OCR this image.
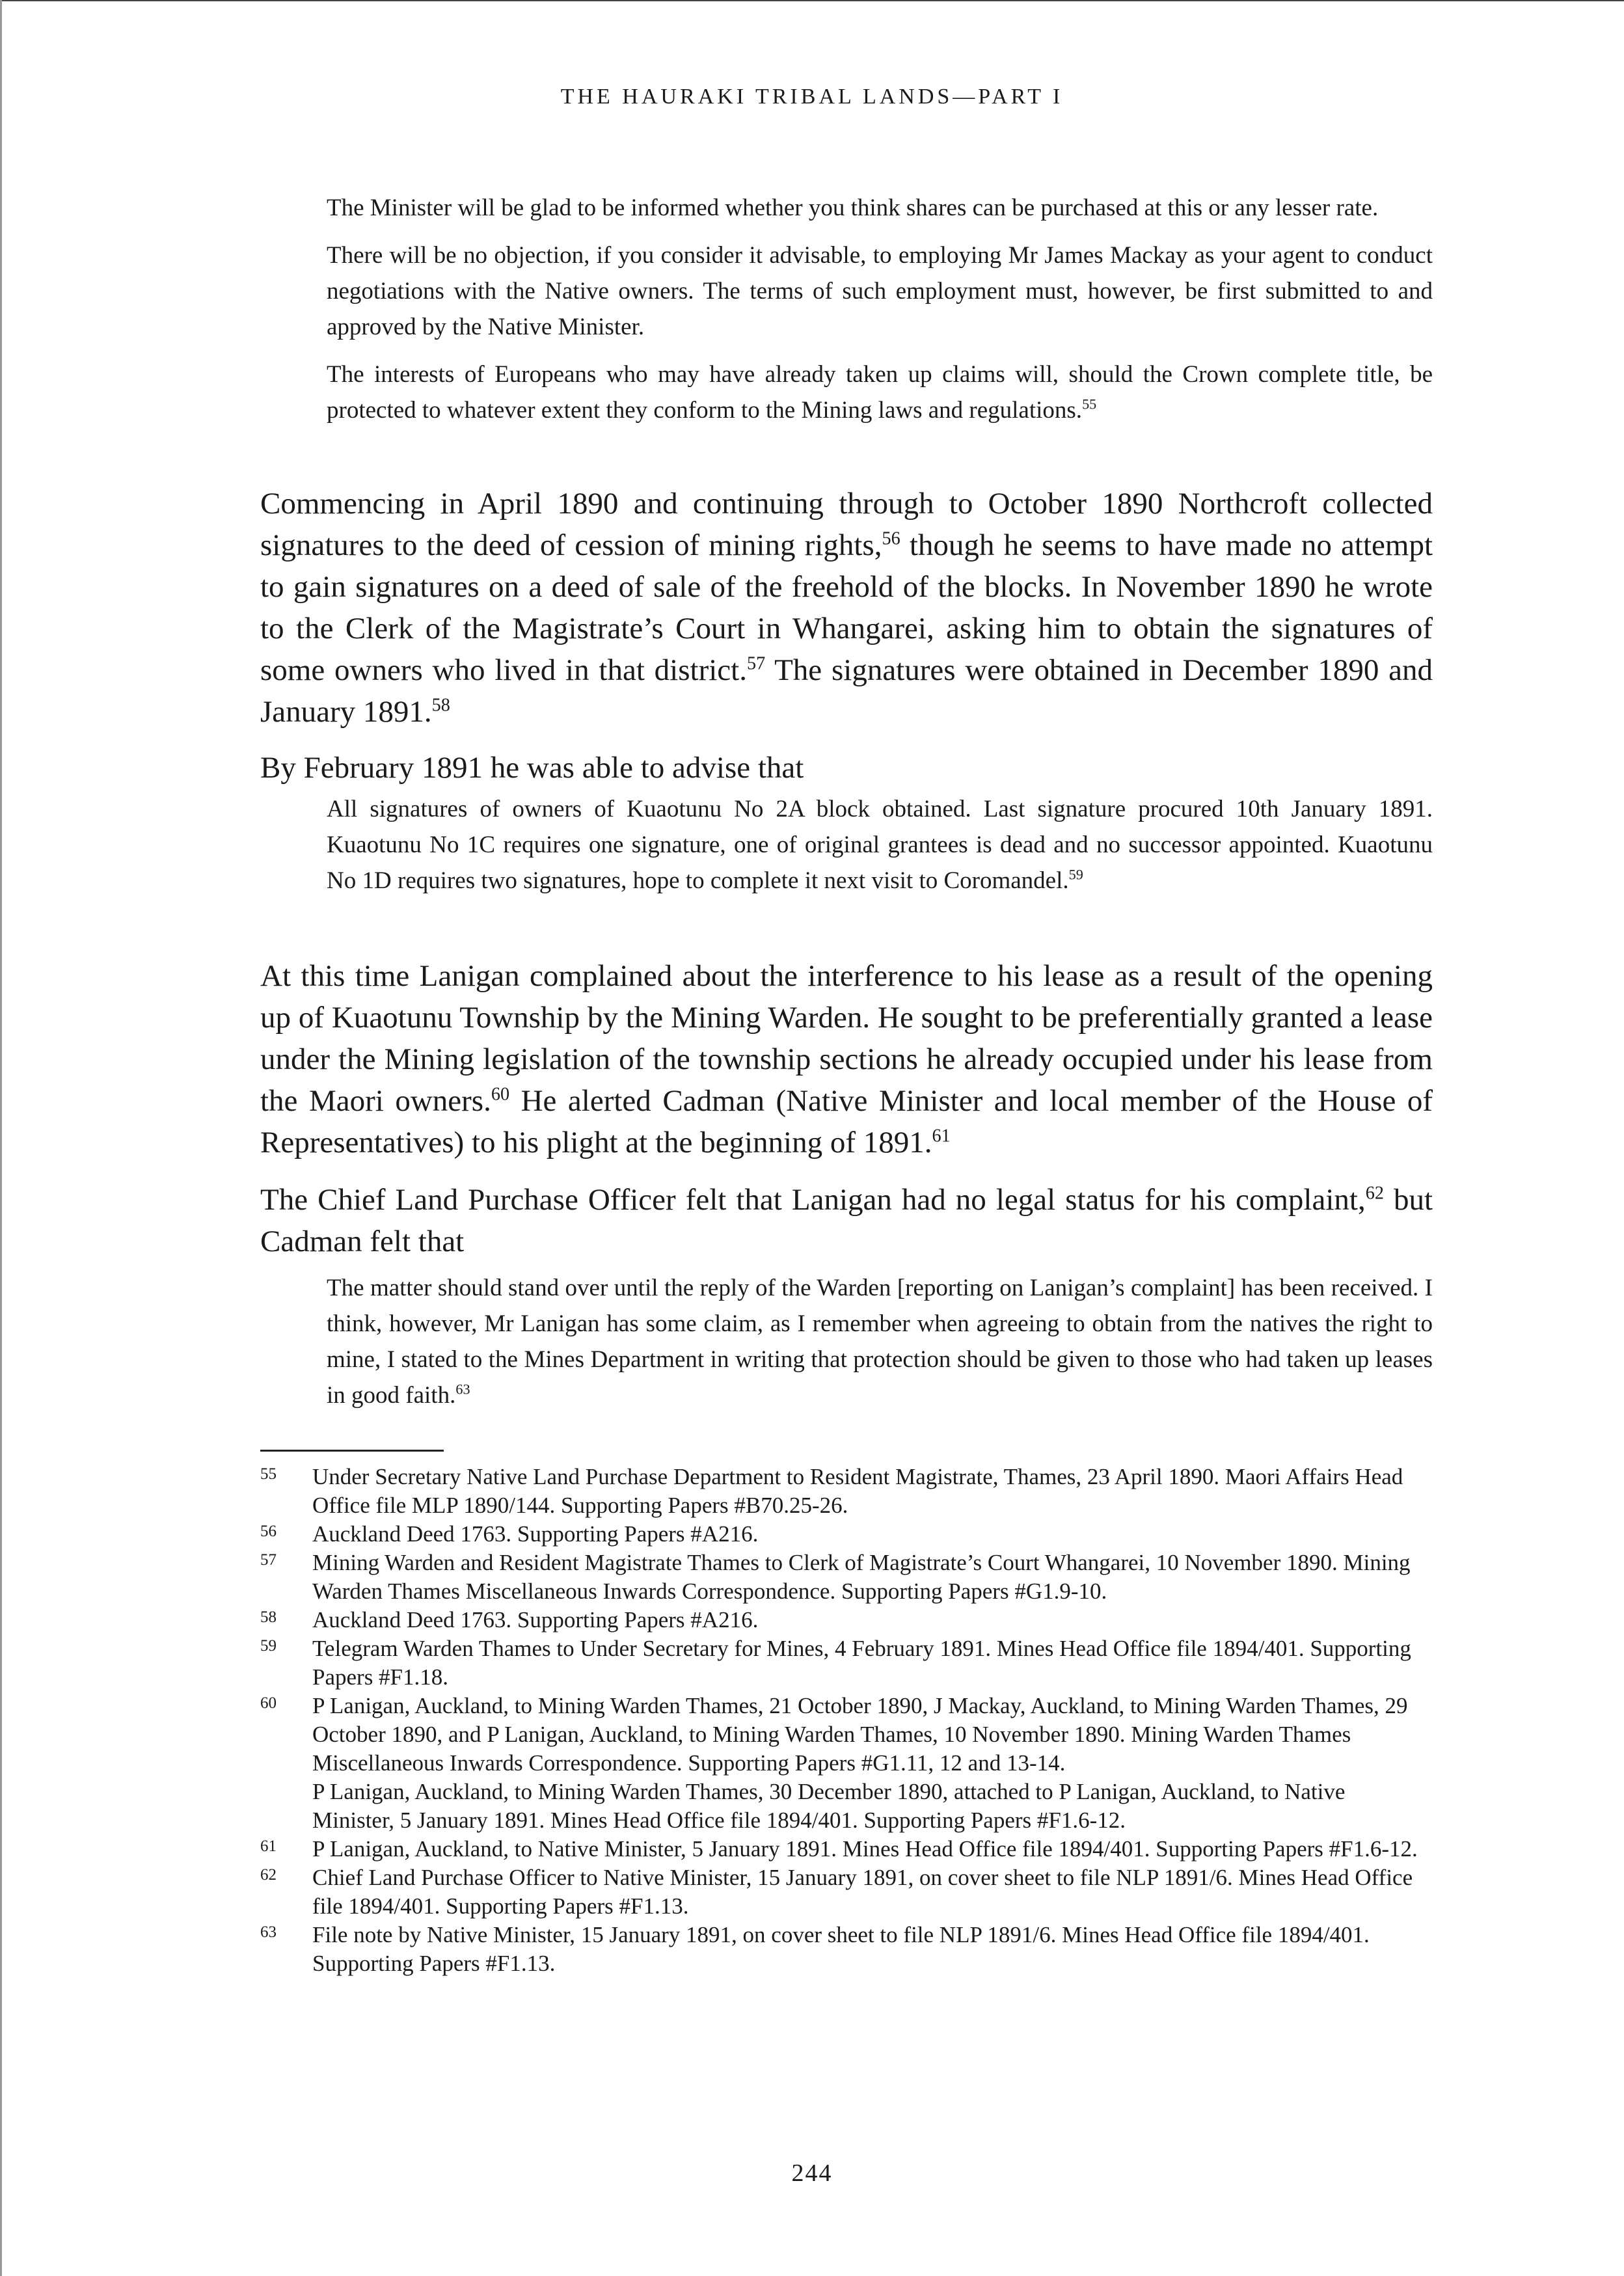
THE HAURAKI TRIBAL LANDS—PART I

The Minister will be glad to be informed whether you think shares can be purchased at this or any lesser rate.

There will be no objection, if you consider it advisable, to employing Mr James Mackay as your agent to conduct negotiations with the Native owners. The terms of such employment must, however, be first submitted to and approved by the Native Minister.

The interests of Europeans who may have already taken up claims will, should the Crown complete title, be protected to whatever extent they conform to the Mining laws and regulations.$^{55}$

Commencing in April 1890 and continuing through to October 1890 Northcroft collected signatures to the deed of cession of mining rights,$^{56}$ though he seems to have made no attempt to gain signatures on a deed of sale of the freehold of the blocks. In November 1890 he wrote to the Clerk of the Magistrate’s Court in Whangarei, asking him to obtain the signatures of some owners who lived in that district.$^{57}$ The signatures were obtained in December 1890 and January 1891.58

By February 1891 he was able to advise that

All signatures of owners of Kuaotunu No 2A block obtained. Last signature procured 10th January 1891. Kuaotunu No 1C requires one signature, one of original grantees is dead and no successor appointed. Kuaotunu No 1D requires two signatures, hope to complete it next visit to Coromandel.$^{59}$

At this time Lanigan complained about the interference to his lease as a result of the opening up of Kuaotunu Township by the Mining Warden. He sought to be preferentially granted a lease under the Mining legislation of the township sections he already occupied under his lease from the Maori owners.$^{60}$ He alerted Cadman (Native Minister and local member of the House of Representatives) to his plight at the beginning of 1891.61

The Chief Land Purchase Officer felt that Lanigan had no legal status for his complaint,$^{62}$ but Cadman felt that

The matter should stand over until the reply of the Warden [reporting on Lanigan’s complaint] has been received. I think, however, Mr Lanigan has some claim, as I remember when agreeing to obtain from the natives the right to mine, I stated to the Mines Department in writing that protection should be given to those who had taken up leases in good faith.$^{63}$

55	Under Secretary Native Land Purchase Department to Resident Magistrate, Thames, 23 April 1890. Maori Affairs Head Office file MLP 1890/144. Supporting Papers #B70.25-26.
56	Auckland Deed 1763. Supporting Papers #A216.
57	Mining Warden and Resident Magistrate Thames to Clerk of Magistrate’s Court Whangarei, 10 November 1890. Mining Warden Thames Miscellaneous Inwards Correspondence. Supporting Papers #G1.9-10.
58	Auckland Deed 1763. Supporting Papers #A216.
59	Telegram Warden Thames to Under Secretary for Mines, 4 February 1891. Mines Head Office file 1894/401. Supporting Papers #F1.18.
60	P Lanigan, Auckland, to Mining Warden Thames, 21 October 1890, J Mackay, Auckland, to Mining Warden Thames, 29 October 1890, and P Lanigan, Auckland, to Mining Warden Thames, 10 November 1890. Mining Warden Thames Miscellaneous Inwards Correspondence. Supporting Papers #G1.11, 12 and 13-14.
P Lanigan, Auckland, to Mining Warden Thames, 30 December 1890, attached to P Lanigan, Auckland, to Native Minister, 5 January 1891. Mines Head Office file 1894/401. Supporting Papers #F1.6-12.
61	P Lanigan, Auckland, to Native Minister, 5 January 1891. Mines Head Office file 1894/401. Supporting Papers #F1.6-12.
62	Chief Land Purchase Officer to Native Minister, 15 January 1891, on cover sheet to file NLP 1891/6. Mines Head Office file 1894/401. Supporting Papers #F1.13.
63	File note by Native Minister, 15 January 1891, on cover sheet to file NLP 1891/6. Mines Head Office file 1894/401. Supporting Papers #F1.13.
244
